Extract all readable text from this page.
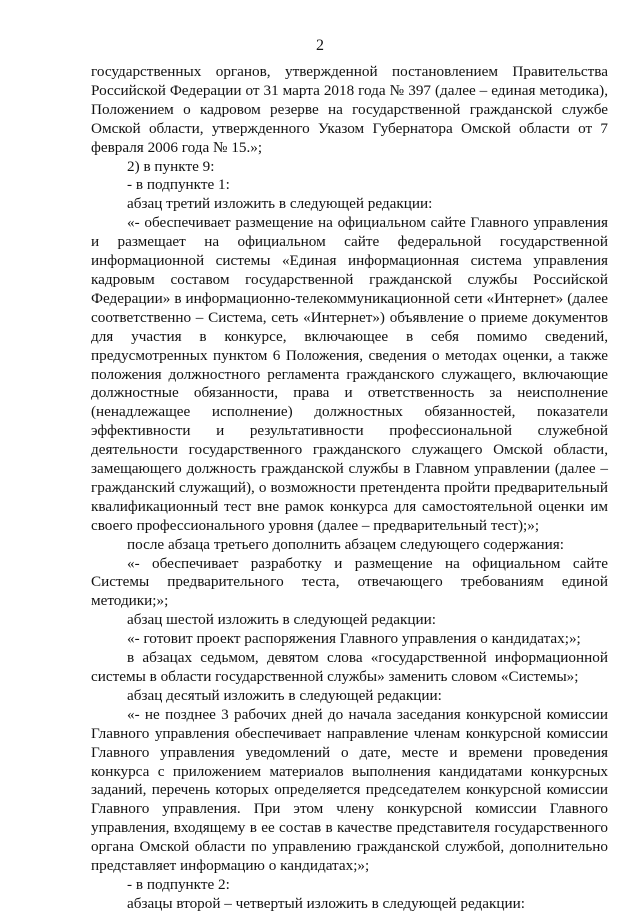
2

государственных органов, утвержденной постановлением Правительства Российской Федерации от 31 марта 2018 года № 397 (далее – единая методика), Положением о кадровом резерве на государственной гражданской службе Омской области, утвержденного Указом Губернатора Омской области от 7 февраля 2006 года № 15.»;

2) в пункте 9:

- в подпункте 1:

абзац третий изложить в следующей редакции:

«- обеспечивает размещение на официальном сайте Главного управления и размещает на официальном сайте федеральной государственной информационной системы «Единая информационная система управления кадровым составом государственной гражданской службы Российской Федерации» в информационно-телекоммуникационной сети «Интернет» (далее соответственно – Система, сеть «Интернет») объявление о приеме документов для участия в конкурсе, включающее в себя помимо сведений, предусмотренных пунктом 6 Положения, сведения о методах оценки, а также положения должностного регламента гражданского служащего, включающие должностные обязанности, права и ответственность за неисполнение (ненадлежащее исполнение) должностных обязанностей, показатели эффективности и результативности профессиональной служебной деятельности государственного гражданского служащего Омской области, замещающего должность гражданской службы в Главном управлении (далее – гражданский служащий), о возможности претендента пройти предварительный квалификационный тест вне рамок конкурса для самостоятельной оценки им своего профессионального уровня (далее – предварительный тест);»;

после абзаца третьего дополнить абзацем следующего содержания:

«- обеспечивает разработку и размещение на официальном сайте Системы предварительного теста, отвечающего требованиям единой методики;»;

абзац шестой изложить в следующей редакции:

«- готовит проект распоряжения Главного управления о кандидатах;»;

в абзацах седьмом, девятом слова «государственной информационной системы в области государственной службы» заменить словом «Системы»;

абзац десятый изложить в следующей редакции:

«- не позднее 3 рабочих дней до начала заседания конкурсной комиссии Главного управления обеспечивает направление членам конкурсной комиссии Главного управления уведомлений о дате, месте и времени проведения конкурса с приложением материалов выполнения кандидатами конкурсных заданий, перечень которых определяется председателем конкурсной комиссии Главного управления. При этом члену конкурсной комиссии Главного управления, входящему в ее состав в качестве представителя государственного органа Омской области по управлению гражданской службой, дополнительно представляет информацию о кандидатах;»;

- в подпункте 2:

абзацы второй – четвертый изложить в следующей редакции:
